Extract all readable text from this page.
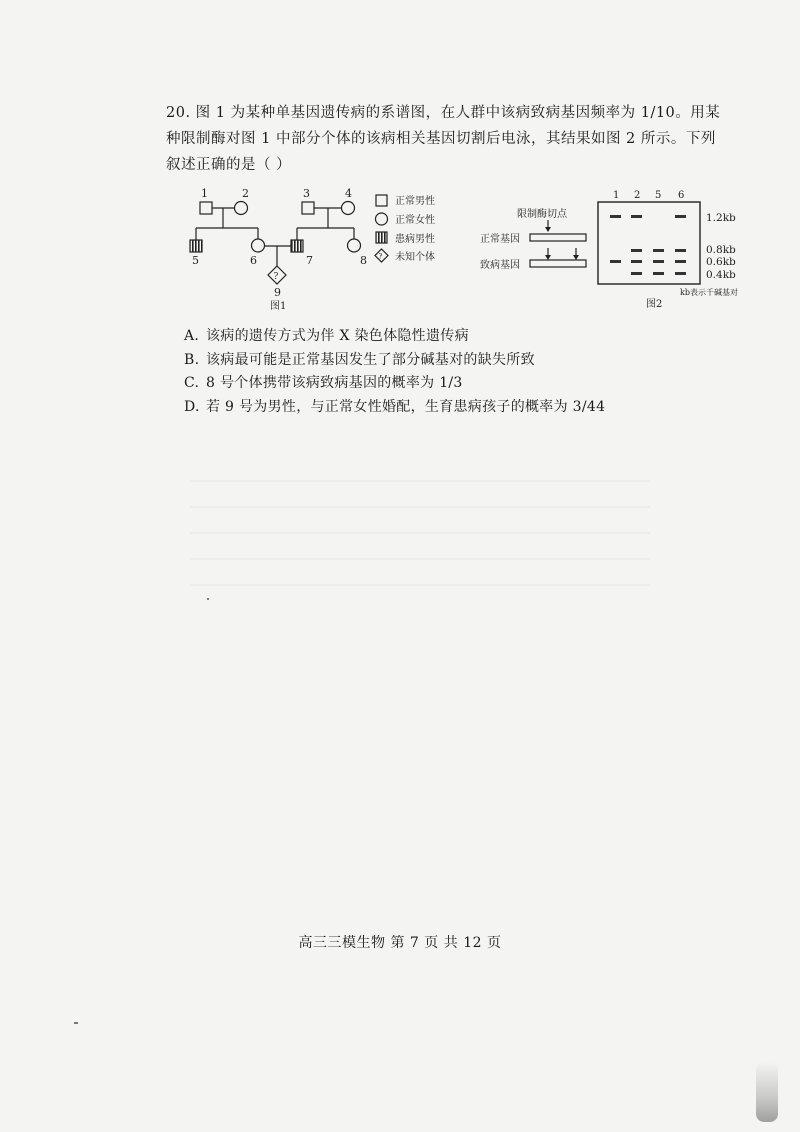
20. 图 1 为某种单基因遗传病的系谱图，在人群中该病致病基因频率为 1/10。用某种限制酶对图 1 中部分个体的该病相关基因切割后电泳，其结果如图 2 所示。下列叙述正确的是（ ）
1	2	3	4
5	6	7	8
9
?
图1
?
正常男性
正常女性
患病男性
未知个体
限制酶切点
正常基因
致病基因
1 2 5 6
1.2kb
0.8kb
0.6kb
0.4kb
kb表示千碱基对
图2
A. 该病的遗传方式为伴 X 染色体隐性遗传病
B. 该病最可能是正常基因发生了部分碱基对的缺失所致
C. 8 号个体携带该病致病基因的概率为 1/3
D. 若 9 号为男性，与正常女性婚配，生育患病孩子的概率为 3/44
高三三模生物 第 7 页 共 12 页
